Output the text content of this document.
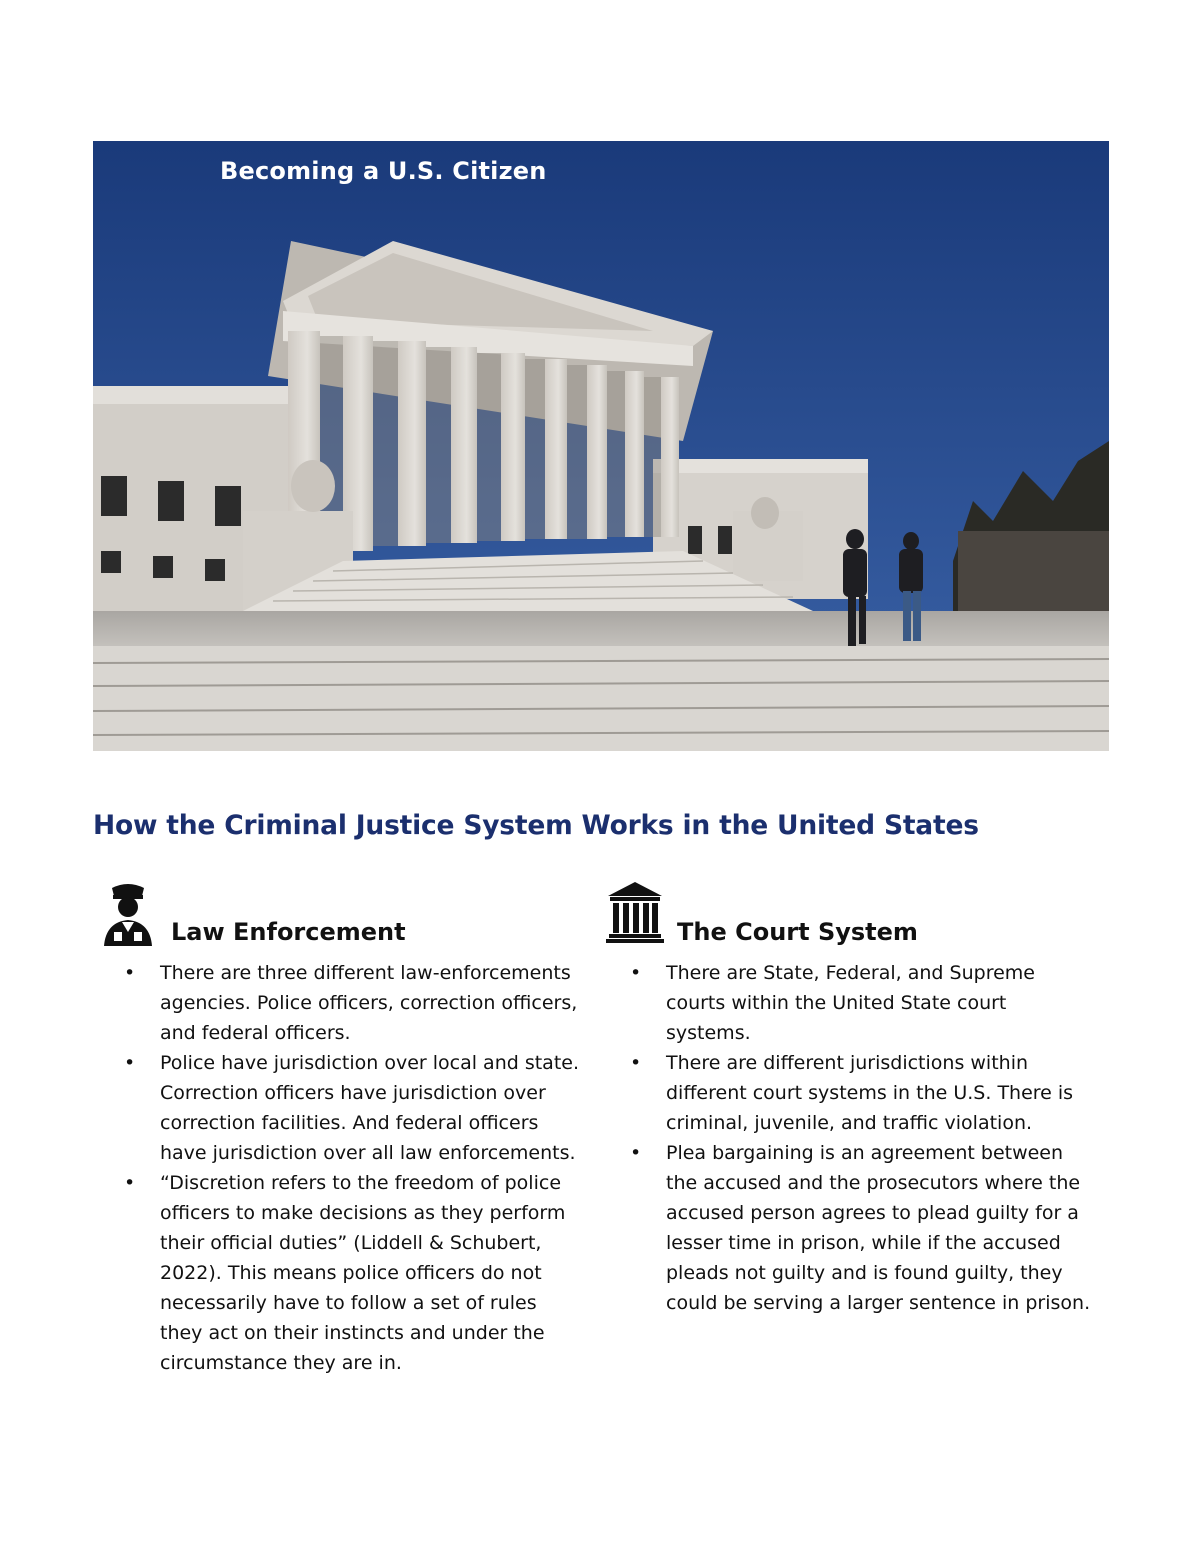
Becoming a U.S. Citizen
How the Criminal Justice System Works in the United States
Law Enforcement
• There are three different law-enforcements agencies. Police officers, correction officers, and federal officers.
• Police have jurisdiction over local and state. Correction officers have jurisdiction over correction facilities. And federal officers have jurisdiction over all law enforcements.
• “Discretion refers to the freedom of police officers to make decisions as they perform their official duties” (Liddell & Schubert, 2022). This means police officers do not necessarily have to follow a set of rules they act on their instincts and under the circumstance they are in.
The Court System
• There are State, Federal, and Supreme courts within the United State court systems.
• There are different jurisdictions within different court systems in the U.S. There is criminal, juvenile, and traffic violation.
• Plea bargaining is an agreement between the accused and the prosecutors where the accused person agrees to plead guilty for a lesser time in prison, while if the accused pleads not guilty and is found guilty, they could be serving a larger sentence in prison.
